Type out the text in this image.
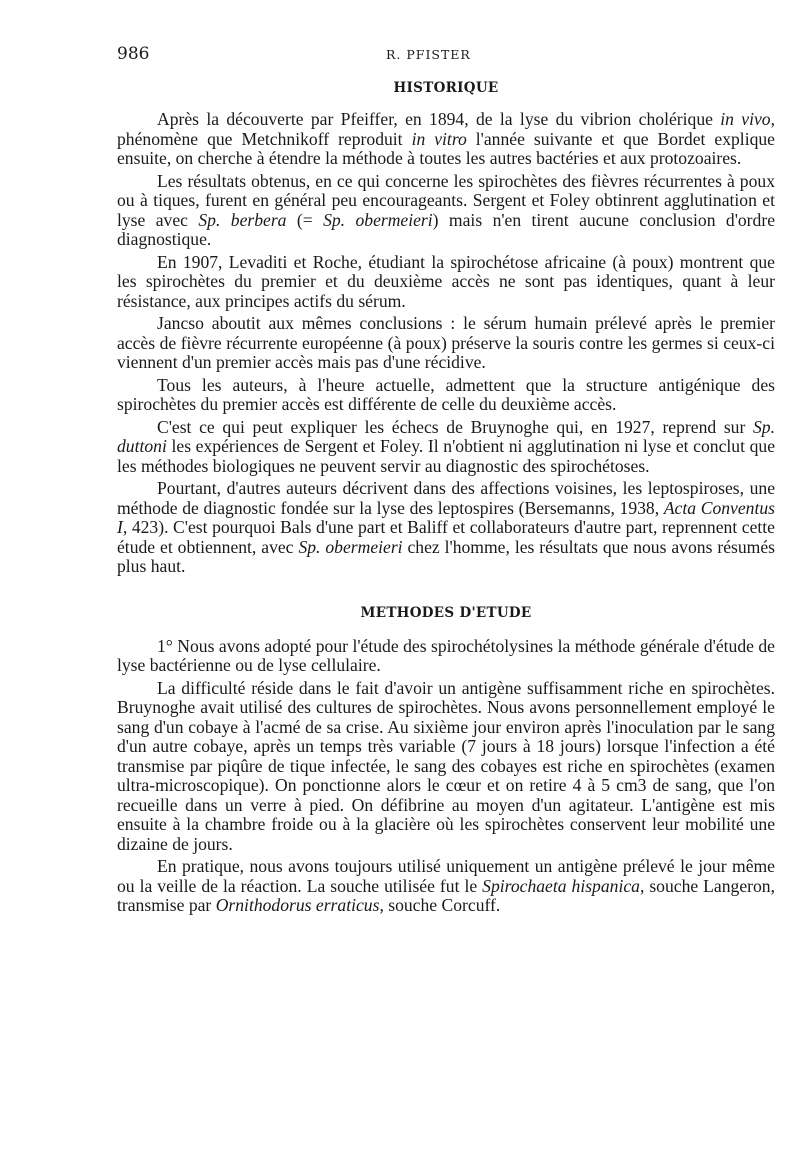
986	R. PFISTER
HISTORIQUE

Après la découverte par Pfeiffer, en 1894, de la lyse du vibrion cholérique in vivo, phénomène que Metchnikoff reproduit in vitro l'année suivante et que Bordet explique ensuite, on cherche à étendre la méthode à toutes les autres bactéries et aux protozoaires.

Les résultats obtenus, en ce qui concerne les spirochètes des fièvres récurrentes à poux ou à tiques, furent en général peu encourageants. Sergent et Foley obtinrent agglutination et lyse avec Sp. berbera (= Sp. obermeieri) mais n'en tirent aucune conclusion d'ordre diagnostique.

En 1907, Levaditi et Roche, étudiant la spirochétose africaine (à poux) montrent que les spirochètes du premier et du deuxième accès ne sont pas identiques, quant à leur résistance, aux principes actifs du sérum.

Jancso aboutit aux mêmes conclusions : le sérum humain prélevé après le premier accès de fièvre récurrente européenne (à poux) préserve la souris contre les germes si ceux-ci viennent d'un premier accès mais pas d'une récidive.

Tous les auteurs, à l'heure actuelle, admettent que la structure antigénique des spirochètes du premier accès est différente de celle du deuxième accès.

C'est ce qui peut expliquer les échecs de Bruynoghe qui, en 1927, reprend sur Sp. duttoni les expériences de Sergent et Foley. Il n'obtient ni agglutination ni lyse et conclut que les méthodes biologiques ne peuvent servir au diagnostic des spirochétoses.

Pourtant, d'autres auteurs décrivent dans des affections voisines, les leptospiroses, une méthode de diagnostic fondée sur la lyse des leptospires (Bersemanns, 1938, Acta Conventus I, 423). C'est pourquoi Bals d'une part et Baliff et collaborateurs d'autre part, reprennent cette étude et obtiennent, avec Sp. obermeieri chez l'homme, les résultats que nous avons résumés plus haut.

METHODES D'ETUDE

1° Nous avons adopté pour l'étude des spirochétolysines la méthode générale d'étude de lyse bactérienne ou de lyse cellulaire.

La difficulté réside dans le fait d'avoir un antigène suffisamment riche en spirochètes. Bruynoghe avait utilisé des cultures de spirochètes. Nous avons personnellement employé le sang d'un cobaye à l'acmé de sa crise. Au sixième jour environ après l'inoculation par le sang d'un autre cobaye, après un temps très variable (7 jours à 18 jours) lorsque l'infection a été transmise par piqûre de tique infectée, le sang des cobayes est riche en spirochètes (examen ultra-microscopique). On ponctionne alors le cœur et on retire 4 à 5 cm3 de sang, que l'on recueille dans un verre à pied. On défibrine au moyen d'un agitateur. L'antigène est mis ensuite à la chambre froide ou à la glacière où les spirochètes conservent leur mobilité une dizaine de jours.

En pratique, nous avons toujours utilisé uniquement un antigène prélevé le jour même ou la veille de la réaction. La souche utilisée fut le Spirochaeta hispanica, souche Langeron, transmise par Ornithodorus erraticus, souche Corcuff.
